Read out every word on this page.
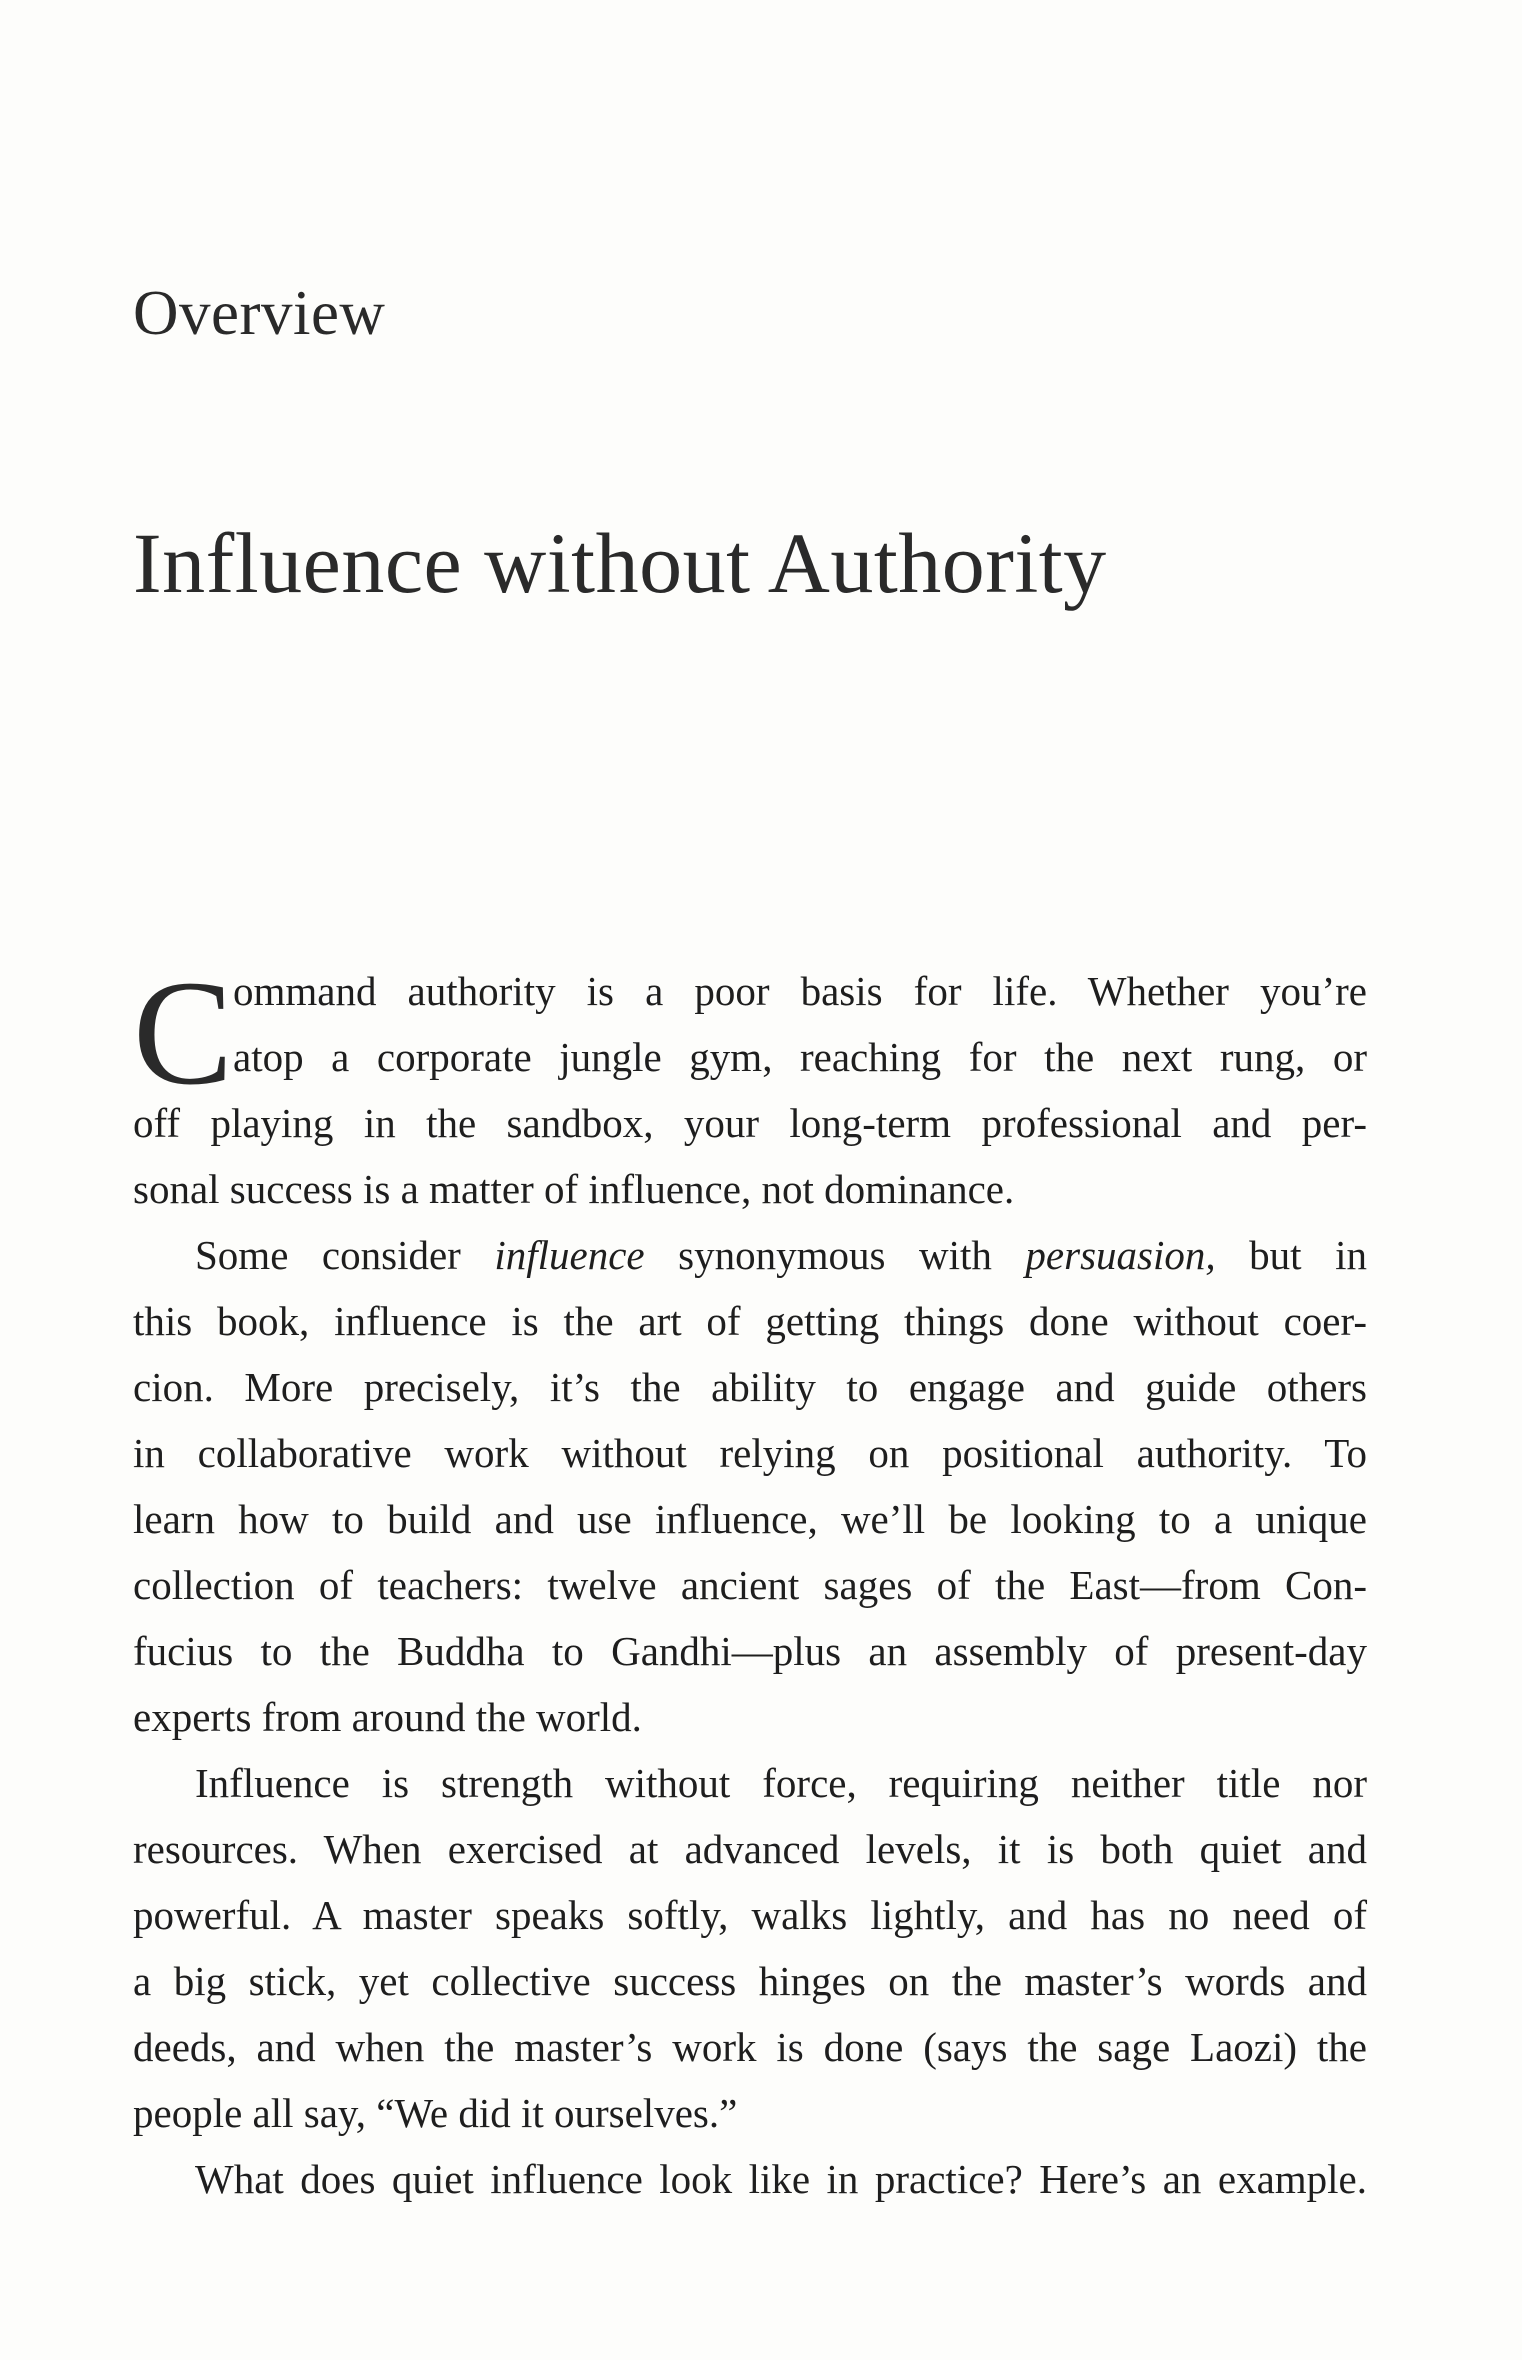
Overview
Influence without Authority
C ommand authority is a poor basis for life. Whether you’re
atop a corporate jungle gym, reaching for the next rung, or
off playing in the sandbox, your long-term professional and per-
sonal success is a matter of influence, not dominance.
Some consider influence synonymous with persuasion, but in
this book, influence is the art of getting things done without coer-
cion. More precisely, it’s the ability to engage and guide others
in collaborative work without relying on positional authority. To
learn how to build and use influence, we’ll be looking to a unique
collection of teachers: twelve ancient sages of the East—from Con-
fucius to the Buddha to Gandhi—plus an assembly of present-day
experts from around the world.
Influence is strength without force, requiring neither title nor
resources. When exercised at advanced levels, it is both quiet and
powerful. A master speaks softly, walks lightly, and has no need of
a big stick, yet collective success hinges on the master’s words and
deeds, and when the master’s work is done (says the sage Laozi) the
people all say, “We did it ourselves.”
What does quiet influence look like in practice? Here’s an example.
